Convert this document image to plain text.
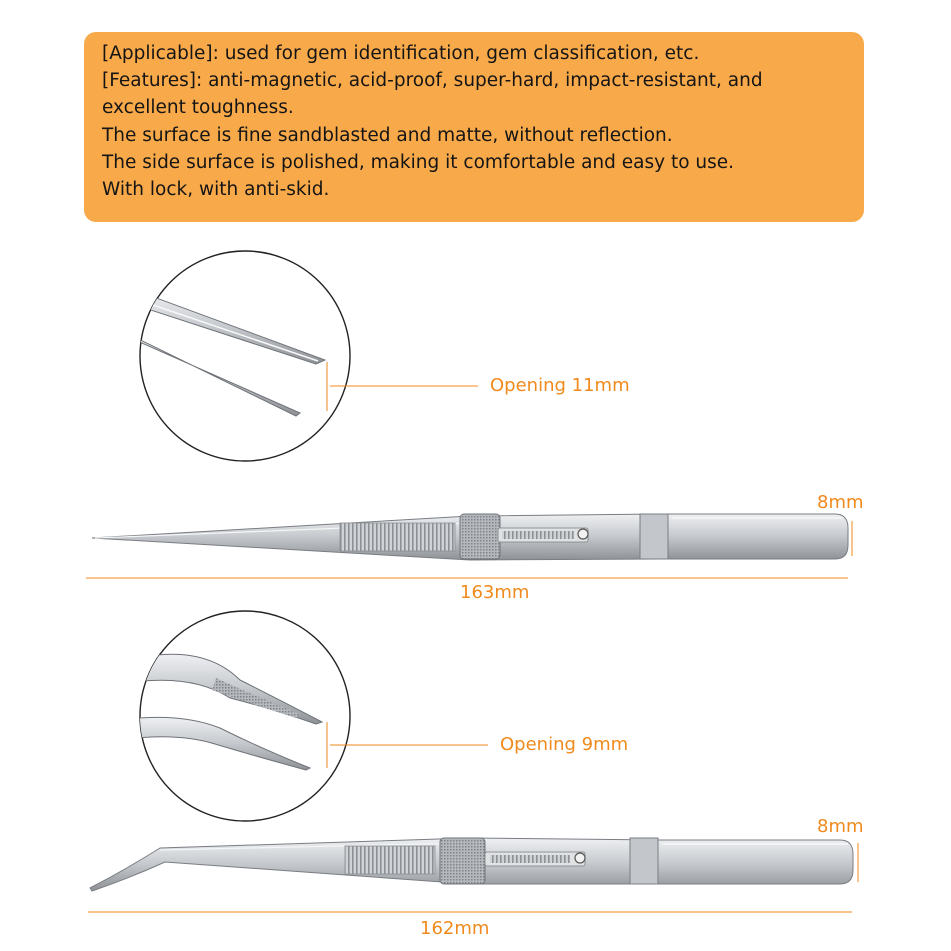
[Applicable]: used for gem identification, gem classification, etc.
[Features]: anti-magnetic, acid-proof, super-hard, impact-resistant, and
excellent toughness.
The surface is fine sandblasted and matte, without reflection.
The side surface is polished, making it comfortable and easy to use.
With lock, with anti-skid.
Opening 11mm
8mm
163mm
Opening 9mm
8mm
162mm
